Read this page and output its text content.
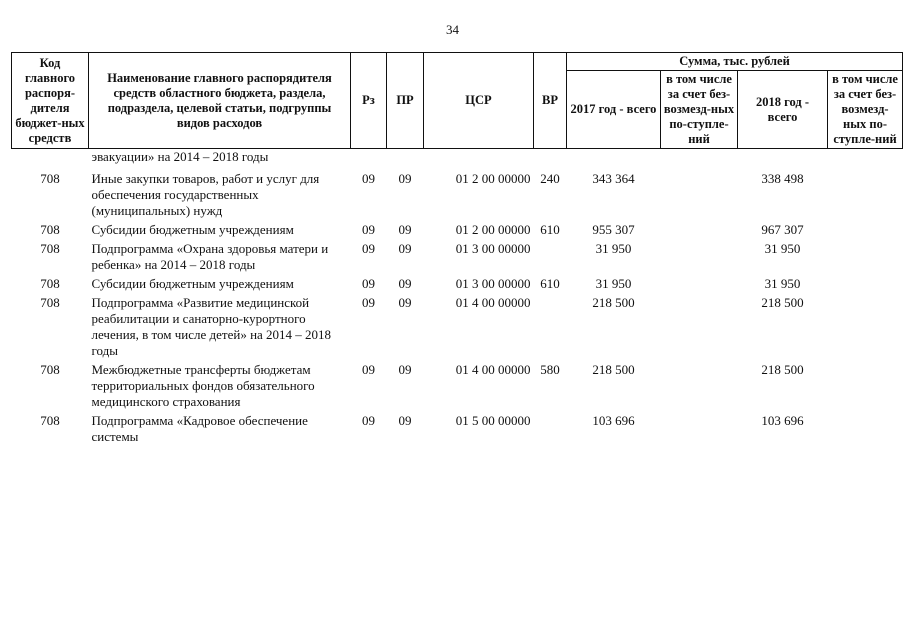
34
Код главного распоря-дителя бюджет-ных средств	Наименование главного распорядителя средств областного бюджета, раздела, подраздела, целевой статьи, подгруппы видов расходов	Рз	ПР	ЦСР	ВР	Сумма, тыс. рублей			
						2017 год - всего	в том числе за счет без-возмезд-ных по-ступле-ний	2018 год - всего	в том числе за счет без-возмезд-ных по-ступле-ний
	эвакуации» на 2014 – 2018 годы								
708	Иные закупки товаров, работ и услуг для обеспечения государственных (муниципальных) нужд	09	09	01 2 00 00000	240	343 364		338 498	
708	Субсидии бюджетным учреждениям	09	09	01 2 00 00000	610	955 307		967 307	
708	Подпрограмма «Охрана здоровья матери и ребенка» на 2014 – 2018 годы	09	09	01 3 00 00000		31 950		31 950	
708	Субсидии бюджетным учреждениям	09	09	01 3 00 00000	610	31 950		31 950	
708	Подпрограмма «Развитие медицинской реабилитации и санаторно-курортного лечения, в том числе детей» на 2014 – 2018 годы	09	09	01 4 00 00000		218 500		218 500	
708	Межбюджетные трансферты бюджетам территориальных фондов обязательного медицинского страхования	09	09	01 4 00 00000	580	218 500		218 500	
708	Подпрограмма «Кадровое обеспечение системы	09	09	01 5 00 00000		103 696		103 696	
